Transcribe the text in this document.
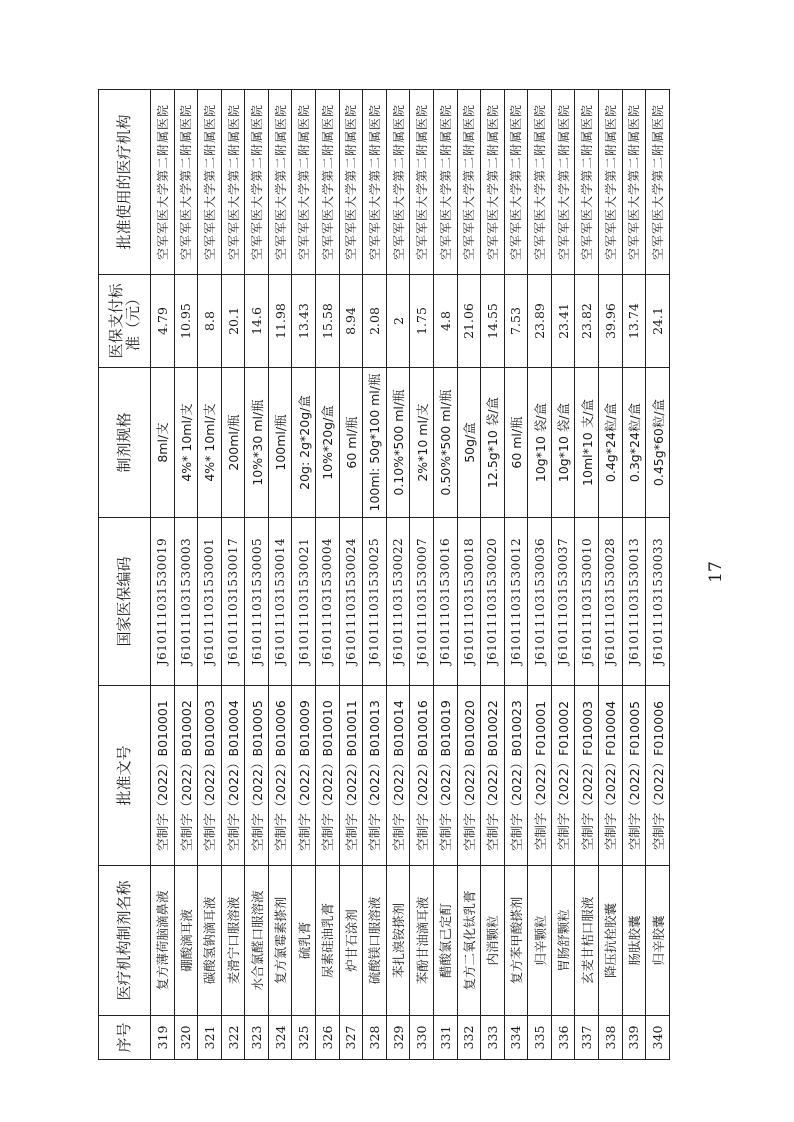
序号	医疗机构制剂名称	批准文号	国家医保编码	制剂规格	医保支付标准（元）	批准使用的医疗机构
319	复方薄荷脑滴鼻液	空制字（2022）B010001	J610111031530019	8ml/支	4.79	空军军医大学第二附属医院
320	硼酸滴耳液	空制字（2022）B010002	J610111031530003	4%* 10ml/支	10.95	空军军医大学第二附属医院
321	碳酸氢钠滴耳液	空制字（2022）B010003	J610111031530001	4%* 10ml/支	8.8	空军军医大学第二附属医院
322	麦滑宁口服溶液	空制字（2022）B010004	J610111031530017	200ml/瓶	20.1	空军军医大学第二附属医院
323	水合氯醛口服溶液	空制字（2022）B010005	J610111031530005	10%*30 ml/瓶	14.6	空军军医大学第二附属医院
324	复方氯霉素搽剂	空制字（2022）B010006	J610111031530014	100ml/瓶	11.98	空军军医大学第二附属医院
325	硫乳膏	空制字（2022）B010009	J610111031530021	20g: 2g*20g/盒	13.43	空军军医大学第二附属医院
326	尿素硅油乳膏	空制字（2022）B010010	J610111031530004	10%*20g/盒	15.58	空军军医大学第二附属医院
327	炉甘石涂剂	空制字（2022）B010011	J610111031530024	60 ml/瓶	8.94	空军军医大学第二附属医院
328	硫酸镁口服溶液	空制字（2022）B010013	J610111031530025	100ml: 50g*100 ml/瓶	2.08	空军军医大学第二附属医院
329	苯扎溴铵搽剂	空制字（2022）B010014	J610111031530022	0.10%*500 ml/瓶	2	空军军医大学第二附属医院
330	苯酚甘油滴耳液	空制字（2022）B010016	J610111031530007	2%*10 ml/支	1.75	空军军医大学第二附属医院
331	醋酸氯己定酊	空制字（2022）B010019	J610111031530016	0.50%*500 ml/瓶	4.8	空军军医大学第二附属医院
332	复方二氧化钛乳膏	空制字（2022）B010020	J610111031530018	50g/盒	21.06	空军军医大学第二附属医院
333	内消颗粒	空制字（2022）B010022	J610111031530020	12.5g*10 袋/盒	14.55	空军军医大学第二附属医院
334	复方苯甲酸搽剂	空制字（2022）B010023	J610111031530012	60 ml/瓶	7.53	空军军医大学第二附属医院
335	归辛颗粒	空制字（2022）F010001	J610111031530036	10g*10 袋/盒	23.89	空军军医大学第二附属医院
336	胃肠舒颗粒	空制字（2022）F010002	J610111031530037	10g*10 袋/盒	23.41	空军军医大学第二附属医院
337	玄麦甘桔口服液	空制字（2022）F010003	J610111031530010	10ml*10 支/盒	23.82	空军军医大学第二附属医院
338	降压抗栓胶囊	空制字（2022）F010004	J610111031530028	0.4g*24粒/盒	39.96	空军军医大学第二附属医院
339	肠肽胶囊	空制字（2022）F010005	J610111031530013	0.3g*24粒/盒	13.74	空军军医大学第二附属医院
340	归辛胶囊	空制字（2022）F010006	J610111031530033	0.45g*60粒/盒	24.1	空军军医大学第二附属医院
17
